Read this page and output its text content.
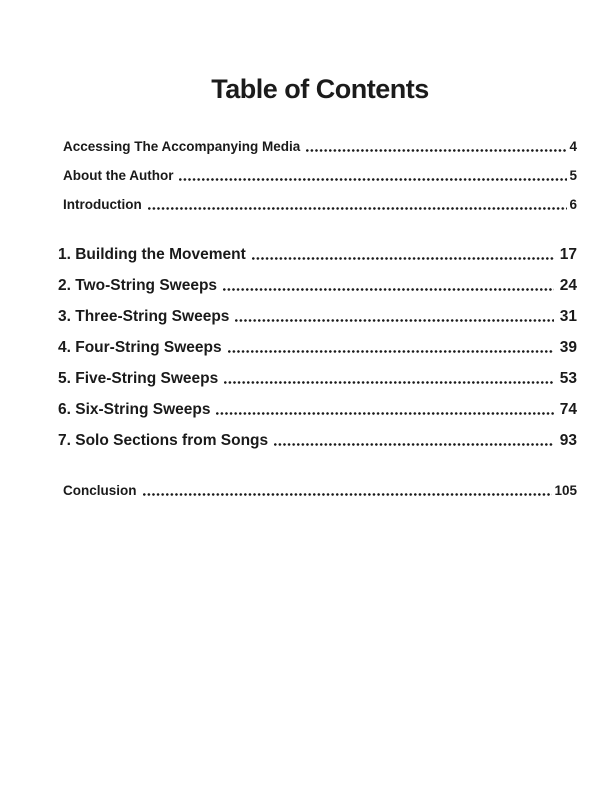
Table of Contents
Accessing The Accompanying Media	4
About the Author	5
Introduction	6
1. Building the Movement	17
2. Two-String Sweeps	24
3. Three-String Sweeps	31
4. Four-String Sweeps	39
5. Five-String Sweeps	53
6. Six-String Sweeps	74
7. Solo Sections from Songs	93
Conclusion	105
